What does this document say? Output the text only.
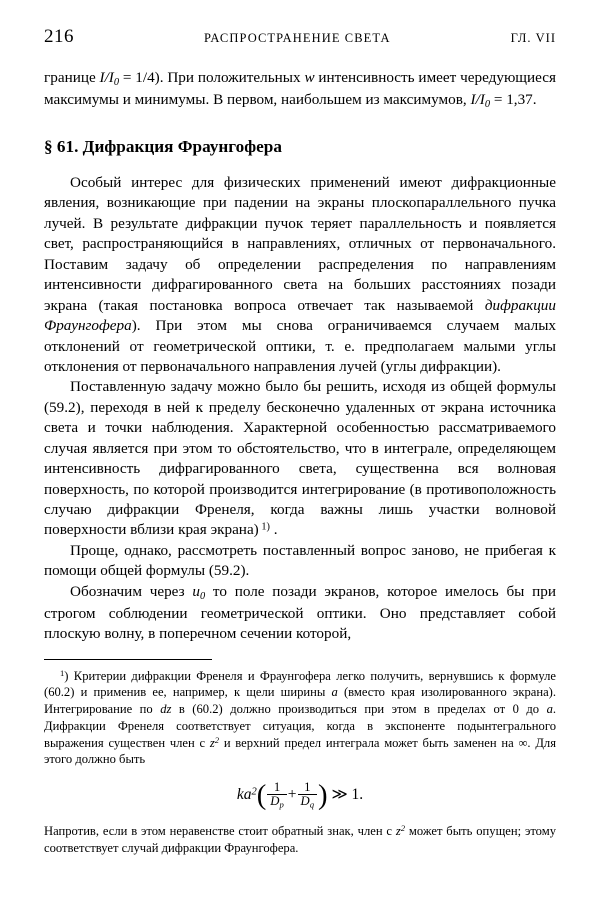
216	РАСПРОСТРАНЕНИЕ СВЕТА	ГЛ. VII

границе $I/I_0 = 1/4$). При положительных w интенсивность имеет чередующиеся максимумы и минимумы. В первом, наибольшем из максимумов, $I/I_0 = 1,37$.

§ 61. Дифракция Фраунгофера

Особый интерес для физических применений имеют дифракционные явления, возникающие при падении на экраны плоскопараллельного пучка лучей. В результате дифракции пучок теряет параллельность и появляется свет, распространяющийся в направлениях, отличных от первоначального. Поставим задачу об определении распределения по направлениям интенсивности дифрагированного света на больших расстояниях позади экрана (такая постановка вопроса отвечает так называемой дифракции Фраунгофера). При этом мы снова ограничиваемся случаем малых отклонений от геометрической оптики, т. е. предполагаем малыми углы отклонения от первоначального направления лучей (углы дифракции).

Поставленную задачу можно было бы решить, исходя из общей формулы (59.2), переходя в ней к пределу бесконечно удаленных от экрана источника света и точки наблюдения. Характерной особенностью рассматриваемого случая является при этом то обстоятельство, что в интеграле, определяющем интенсивность дифрагированного света, существенна вся волновая поверхность, по которой производится интегрирование (в противоположность случаю дифракции Френеля, когда важны лишь участки волновой поверхности вблизи края экрана) $^{1)}$ .

Проще, однако, рассмотреть поставленный вопрос заново, не прибегая к помощи общей формулы (59.2).

Обозначим через $u_0$ то поле позади экранов, которое имелось бы при строгом соблюдении геометрической оптики. Оно представляет собой плоскую волну, в поперечном сечении которой,

$^1$) Критерии дифракции Френеля и Фраунгофера легко получить, вернувшись к формуле (60.2) и применив ее, например, к щели ширины a (вместо края изолированного экрана). Интегрирование по dz в (60.2) должно производиться при этом в пределах от 0 до a. Дифракции Френеля соответствует ситуация, когда в экспоненте подынтегрального выражения существен член с $z^2$ и верхний предел интеграла может быть заменен на ∞. Для этого должно быть
$ka^2( \frac{1}{D_p} + \frac{1}{D_q}$ ) ≫ 1.
Напротив, если в этом неравенстве стоит обратный знак, член с $z^2$ может быть опущен; этому соответствует случай дифракции Фраунгофера.
